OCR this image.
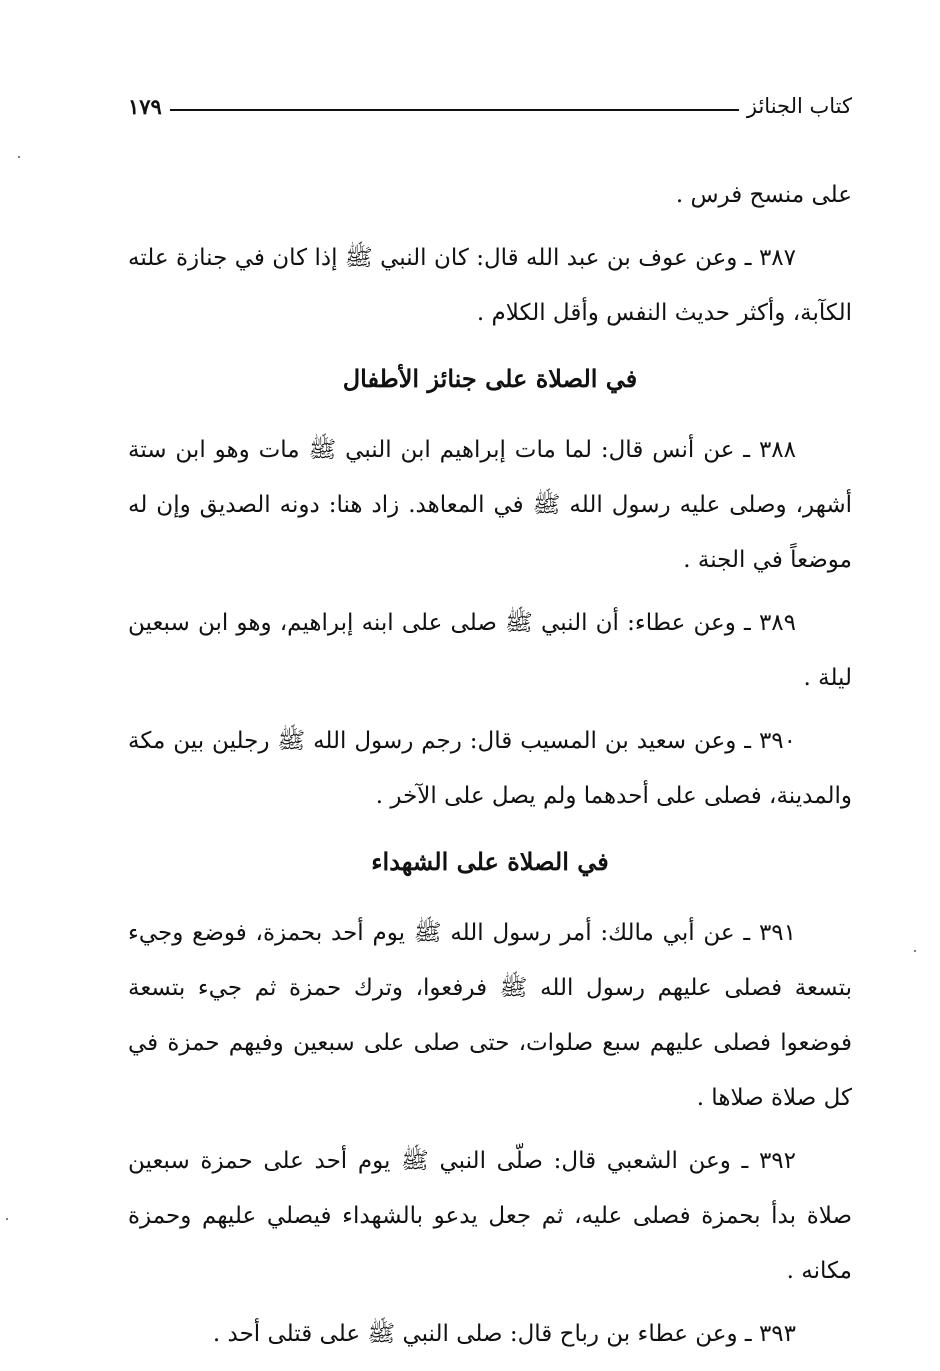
كتاب الجنائز
١٧٩

على منسح فرس .

٣٨٧ ـ وعن عوف بن عبد الله قال: كان النبي ﷺ إذا كان في جنازة علته الكآبة، وأكثر حديث النفس وأقل الكلام .

في الصلاة على جنائز الأطفال

٣٨٨ ـ عن أنس قال: لما مات إبراهيم ابن النبي ﷺ مات وهو ابن ستة أشهر، وصلى عليه رسول الله ﷺ في المعاهد. زاد هنا: دونه الصديق وإن له موضعاً في الجنة .

٣٨٩ ـ وعن عطاء: أن النبي ﷺ صلى على ابنه إبراهيم، وهو ابن سبعين ليلة .

٣٩٠ ـ وعن سعيد بن المسيب قال: رجم رسول الله ﷺ رجلين بين مكة والمدينة، فصلى على أحدهما ولم يصل على الآخر .

في الصلاة على الشهداء

٣٩١ ـ عن أبي مالك: أمر رسول الله ﷺ يوم أحد بحمزة، فوضع وجيء بتسعة فصلى عليهم رسول الله ﷺ فرفعوا، وترك حمزة ثم جيء بتسعة فوضعوا فصلى عليهم سبع صلوات، حتى صلى على سبعين وفيهم حمزة في كل صلاة صلاها .

٣٩٢ ـ وعن الشعبي قال: صلّى النبي ﷺ يوم أحد على حمزة سبعين صلاة بدأ بحمزة فصلى عليه، ثم جعل يدعو بالشهداء فيصلي عليهم وحمزة مكانه .

٣٩٣ ـ وعن عطاء بن رباح قال: صلى النبي ﷺ على قتلى أحد .
